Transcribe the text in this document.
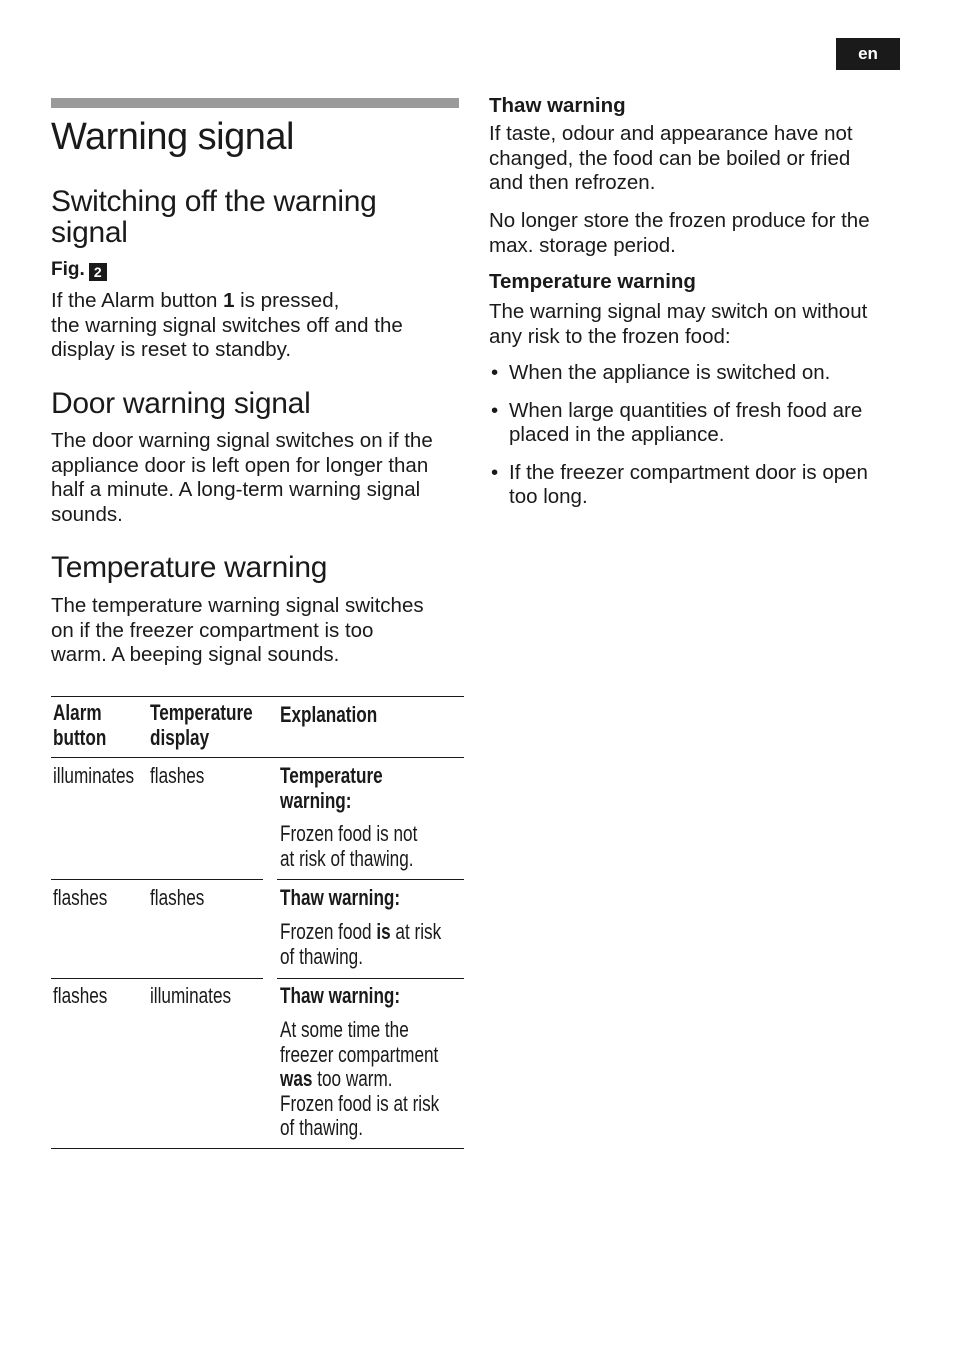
en
Warning signal
Switching off the warning signal
Fig. 2
If the Alarm button 1 is pressed,
the warning signal switches off and the
display is reset to standby.
Door warning signal
The door warning signal switches on if the
appliance door is left open for longer than
half a minute. A long-term warning signal
sounds.
Temperature warning
The temperature warning signal switches
on if the freezer compartment is too
warm. A beeping signal sounds.
Alarm
button
Temperature
display
Explanation
illuminates flashes	Temperature
warning:
Frozen food is not
at risk of thawing.
flashes flashes	Thaw warning:
Frozen food is at risk
of thawing.
flashes illuminates Thaw warning:
At some time the
freezer compartment
was too warm.
Frozen food is at risk
of thawing.
Thaw warning
If taste, odour and appearance have not
changed, the food can be boiled or fried
and then refrozen.
No longer store the frozen produce for the
max. storage period.
Temperature warning
The warning signal may switch on without
any risk to the frozen food:
• When the appliance is switched on.
• When large quantities of fresh food are
placed in the appliance.
• If the freezer compartment door is open
too long.
